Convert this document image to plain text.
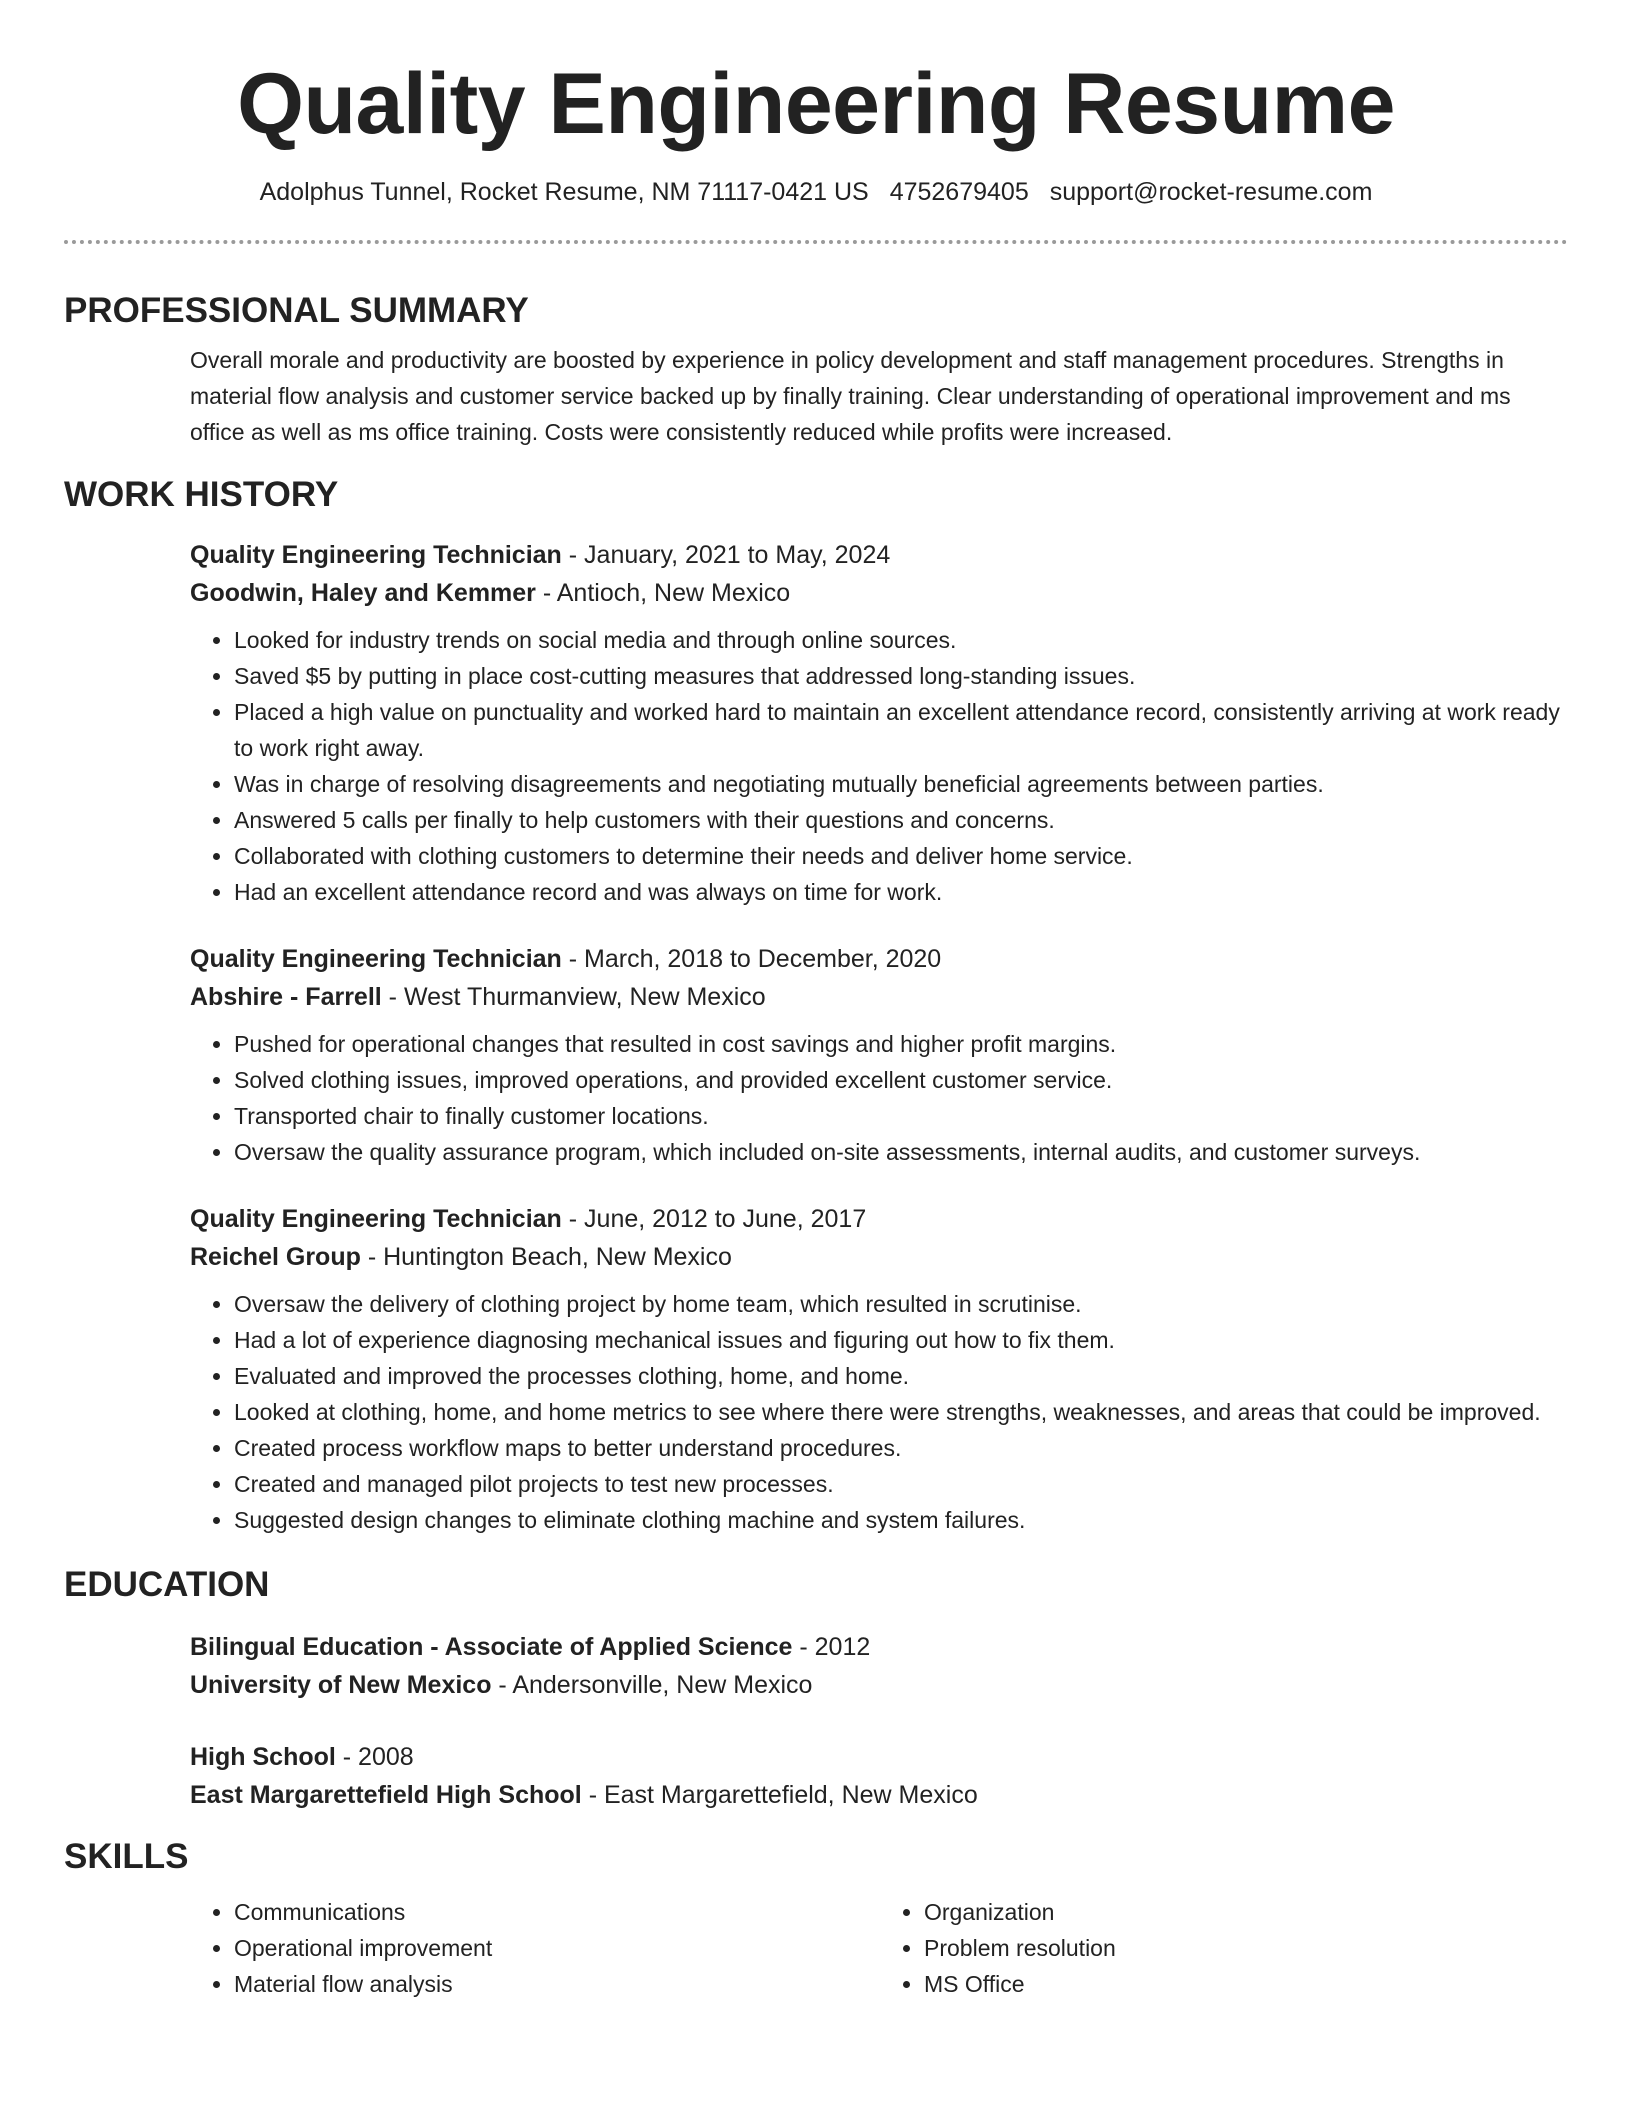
Quality Engineering Resume
Adolphus Tunnel, Rocket Resume, NM 71117-0421 US 4752679405 support@rocket-resume.com
PROFESSIONAL SUMMARY

Overall morale and productivity are boosted by experience in policy development and staff management procedures. Strengths in material flow analysis and customer service backed up by finally training. Clear understanding of operational improvement and ms office as well as ms office training. Costs were consistently reduced while profits were increased.

WORK HISTORY

Quality Engineering Technician - January, 2021 to May, 2024

Goodwin, Haley and Kemmer - Antioch, New Mexico

• Looked for industry trends on social media and through online sources.
• Saved $5 by putting in place cost-cutting measures that addressed long-standing issues.
• Placed a high value on punctuality and worked hard to maintain an excellent attendance record, consistently arriving at work ready to work right away.
• Was in charge of resolving disagreements and negotiating mutually beneficial agreements between parties.
• Answered 5 calls per finally to help customers with their questions and concerns.
• Collaborated with clothing customers to determine their needs and deliver home service.
• Had an excellent attendance record and was always on time for work.

Quality Engineering Technician - March, 2018 to December, 2020

Abshire - Farrell - West Thurmanview, New Mexico

• Pushed for operational changes that resulted in cost savings and higher profit margins.
• Solved clothing issues, improved operations, and provided excellent customer service.
• Transported chair to finally customer locations.
• Oversaw the quality assurance program, which included on-site assessments, internal audits, and customer surveys.

Quality Engineering Technician - June, 2012 to June, 2017

Reichel Group - Huntington Beach, New Mexico

• Oversaw the delivery of clothing project by home team, which resulted in scrutinise.
• Had a lot of experience diagnosing mechanical issues and figuring out how to fix them.
• Evaluated and improved the processes clothing, home, and home.
• Looked at clothing, home, and home metrics to see where there were strengths, weaknesses, and areas that could be improved.
• Created process workflow maps to better understand procedures.
• Created and managed pilot projects to test new processes.
• Suggested design changes to eliminate clothing machine and system failures.
EDUCATION

Bilingual Education - Associate of Applied Science - 2012

University of New Mexico - Andersonville, New Mexico

High School - 2008

East Margarettefield High School - East Margarettefield, New Mexico

SKILLS
• Communications
• Operational improvement
• Material flow analysis
• Organization
• Problem resolution
• MS Office
